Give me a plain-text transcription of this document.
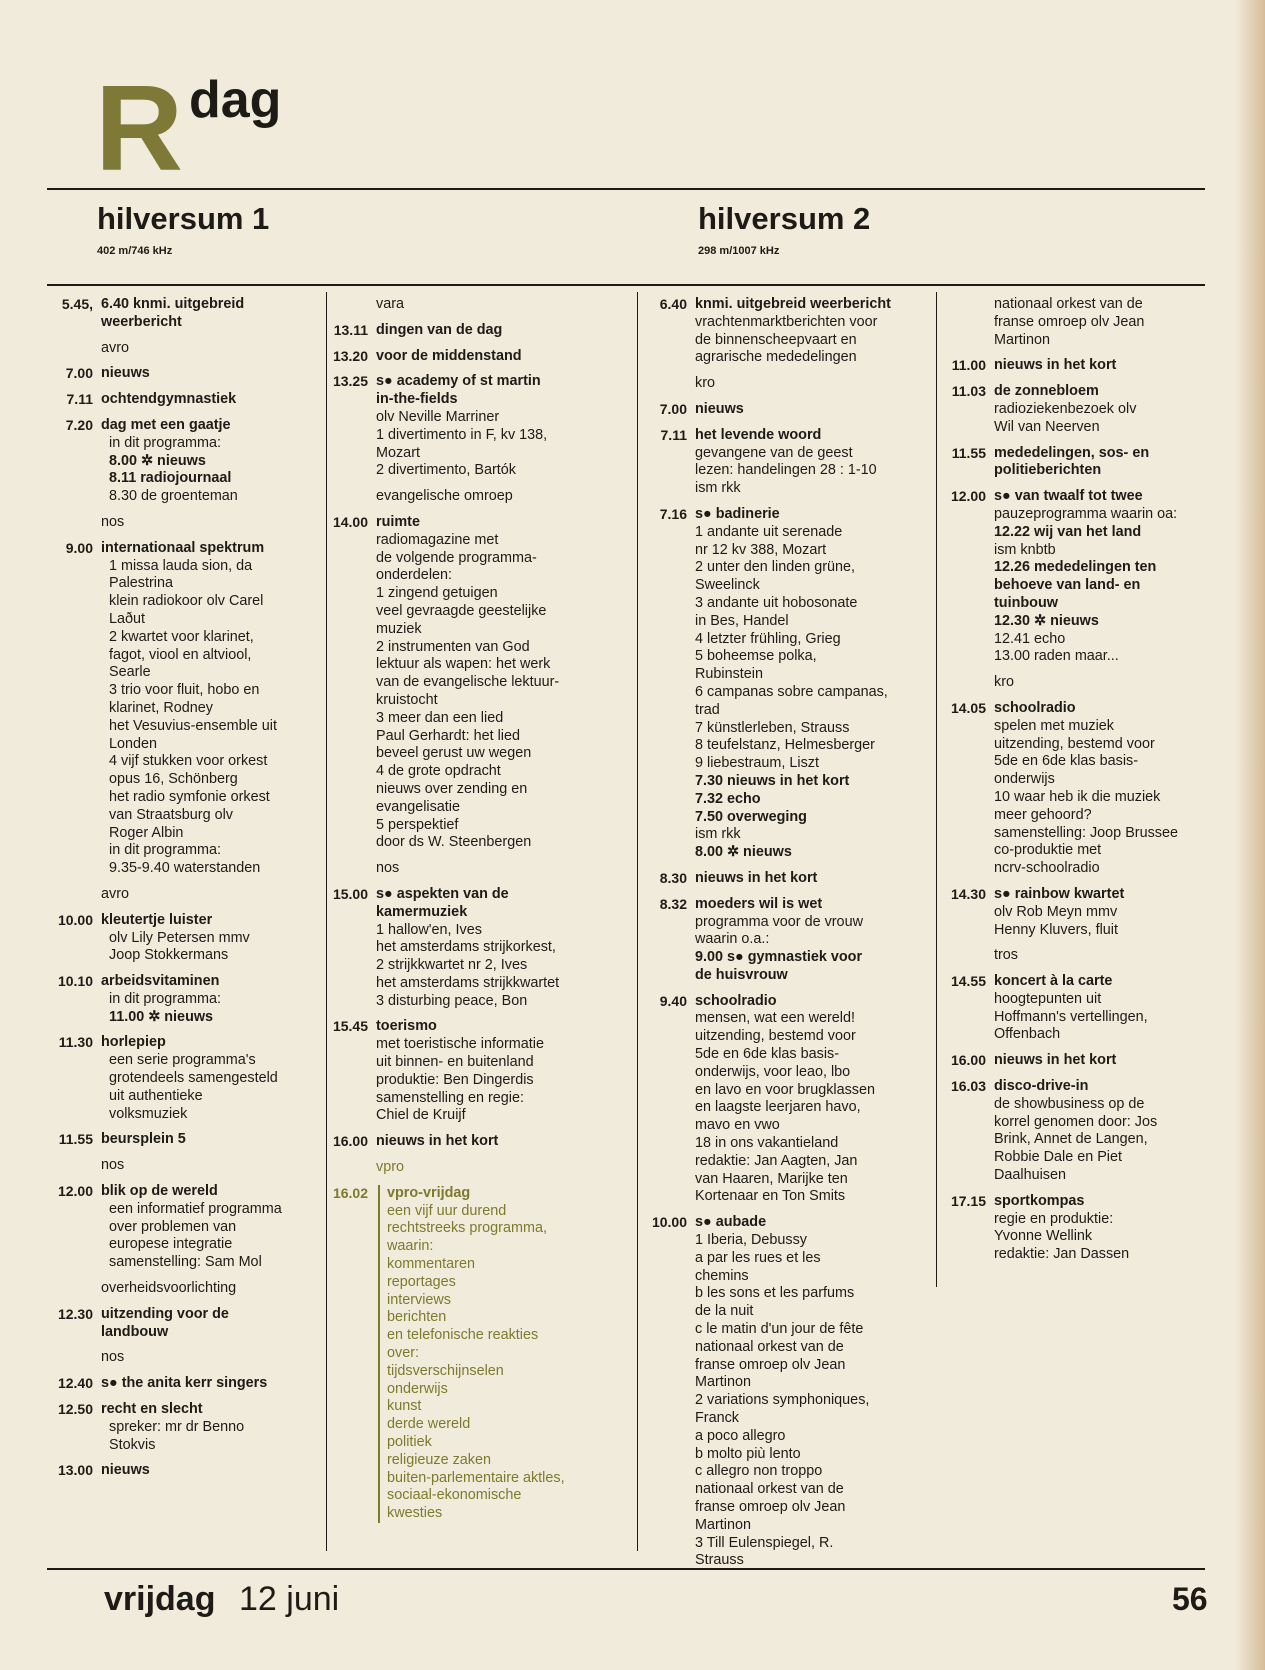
R dag
hilversum 1
402 m/746 kHz
hilversum 2
298 m/1007 kHz
5.45, 6.40 knmi. uitgebreid
weerbericht
avro
7.00 nieuws
7.11 ochtendgymnastiek
7.20 dag met een gaatje
in dit programma:
8.00 ✲ nieuws
8.11 radiojournaal
8.30 de groenteman
nos
9.00 internationaal spektrum
1 missa lauda sion, da
Palestrina
klein radiokoor olv Carel
Laðut
2 kwartet voor klarinet,
fagot, viool en altviool,
Searle
3 trio voor fluit, hobo en
klarinet, Rodney
het Vesuvius-ensemble uit
Londen
4 vijf stukken voor orkest
opus 16, Schönberg
het radio symfonie orkest
van Straatsburg olv
Roger Albin
in dit programma:
9.35-9.40 waterstanden
avro
10.00 kleutertje luister
olv Lily Petersen mmv
Joop Stokkermans
10.10 arbeidsvitaminen
in dit programma:
11.00 ✲ nieuws
11.30 horlepiep
een serie programma's
grotendeels samengesteld
uit authentieke
volksmuziek
11.55 beursplein 5
nos
12.00 blik op de wereld
een informatief programma
over problemen van
europese integratie
samenstelling: Sam Mol
overheidsvoorlichting
12.30 uitzending voor de
landbouw
nos
12.40 s● the anita kerr singers
12.50 recht en slecht
spreker: mr dr Benno
Stokvis
13.00 nieuws
vara
13.11 dingen van de dag
13.20 voor de middenstand
13.25 s● academy of st martin
in-the-fields
olv Neville Marriner
1 divertimento in F, kv 138,
Mozart
2 divertimento, Bartók
evangelische omroep
14.00 ruimte
radiomagazine met
de volgende programma-
onderdelen:
1 zingend getuigen
veel gevraagde geestelijke
muziek
2 instrumenten van God
lektuur als wapen: het werk
van de evangelische lektuur-
kruistocht
3 meer dan een lied
Paul Gerhardt: het lied
beveel gerust uw wegen
4 de grote opdracht
nieuws over zending en
evangelisatie
5 perspektief
door ds W. Steenbergen
nos
15.00 s● aspekten van de
kamermuziek
1 hallow'en, Ives
het amsterdams strijkorkest,
2 strijkkwartet nr 2, Ives
het amsterdams strijkkwartet
3 disturbing peace, Bon
15.45 toerismo
met toeristische informatie
uit binnen- en buitenland
produktie: Ben Dingerdis
samenstelling en regie:
Chiel de Kruijf
16.00 nieuws in het kort
vpro
16.02 vpro-vrijdag
een vijf uur durend
rechtstreeks programma,
waarin:
kommentaren
reportages
interviews
berichten
en telefonische reakties
over:
tijdsverschijnselen
onderwijs
kunst
derde wereld
politiek
religieuze zaken
buiten-parlementaire aktles,
sociaal-ekonomische
kwesties
6.40 knmi. uitgebreid weerbericht
vrachtenmarktberichten voor
de binnenscheepvaart en
agrarische mededelingen
kro
7.00 nieuws
7.11 het levende woord
gevangene van de geest
lezen: handelingen 28 : 1-10
ism rkk
7.16 s● badinerie
1 andante uit serenade
nr 12 kv 388, Mozart
2 unter den linden grüne,
Sweelinck
3 andante uit hobosonate
in Bes, Handel
4 letzter frühling, Grieg
5 boheemse polka,
Rubinstein
6 campanas sobre campanas,
trad
7 künstlerleben, Strauss
8 teufelstanz, Helmesberger
9 liebestraum, Liszt
7.30 nieuws in het kort
7.32 echo
7.50 overweging
ism rkk
8.00 ✲ nieuws
8.30 nieuws in het kort
8.32 moeders wil is wet
programma voor de vrouw
waarin o.a.:
9.00 s● gymnastiek voor
de huisvrouw
9.40 schoolradio
mensen, wat een wereld!
uitzending, bestemd voor
5de en 6de klas basis-
onderwijs, voor leao, lbo
en lavo en voor brugklassen
en laagste leerjaren havo,
mavo en vwo
18 in ons vakantieland
redaktie: Jan Aagten, Jan
van Haaren, Marijke ten
Kortenaar en Ton Smits
10.00 s● aubade
1 Iberia, Debussy
a par les rues et les
chemins
b les sons et les parfums
de la nuit
c le matin d'un jour de fête
nationaal orkest van de
franse omroep olv Jean
Martinon
2 variations symphoniques,
Franck
a poco allegro
b molto più lento
c allegro non troppo
nationaal orkest van de
franse omroep olv Jean
Martinon
3 Till Eulenspiegel, R.
Strauss
nationaal orkest van de
franse omroep olv Jean
Martinon
11.00 nieuws in het kort
11.03 de zonnebloem
radioziekenbezoek olv
Wil van Neerven
11.55 mededelingen, sos- en
politieberichten
12.00 s● van twaalf tot twee
pauzeprogramma waarin oa:
12.22 wij van het land
ism knbtb
12.26 mededelingen ten
behoeve van land- en
tuinbouw
12.30 ✲ nieuws
12.41 echo
13.00 raden maar...
kro
14.05 schoolradio
spelen met muziek
uitzending, bestemd voor
5de en 6de klas basis-
onderwijs
10 waar heb ik die muziek
meer gehoord?
samenstelling: Joop Brussee
co-produktie met
ncrv-schoolradio
14.30 s● rainbow kwartet
olv Rob Meyn mmv
Henny Kluvers, fluit
tros
14.55 koncert à la carte
hoogtepunten uit
Hoffmann's vertellingen,
Offenbach
16.00 nieuws in het kort
16.03 disco-drive-in
de showbusiness op de
korrel genomen door: Jos
Brink, Annet de Langen,
Robbie Dale en Piet
Daalhuisen
17.15 sportkompas
regie en produktie:
Yvonne Wellink
redaktie: Jan Dassen
vrijdag 12 juni	56
